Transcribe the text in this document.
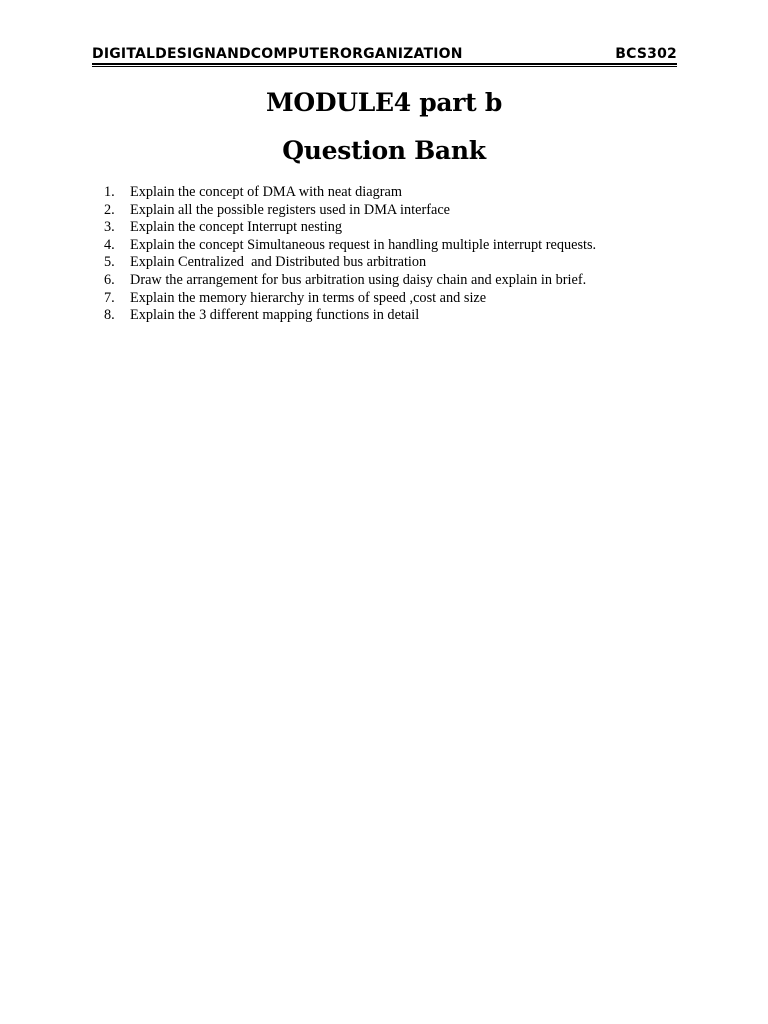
DIGITALDESIGNANDCOMPUTERORGANIZATION	BCS302
MODULE4 part b
Question Bank
1.	Explain the concept of DMA with neat diagram
2.	Explain all the possible registers used in DMA interface
3.	Explain the concept Interrupt nesting
4.	Explain the concept Simultaneous request in handling multiple interrupt requests.
5.	Explain Centralized  and Distributed bus arbitration
6.	Draw the arrangement for bus arbitration using daisy chain and explain in brief.
7.	Explain the memory hierarchy in terms of speed ,cost and size
8.	Explain the 3 different mapping functions in detail
